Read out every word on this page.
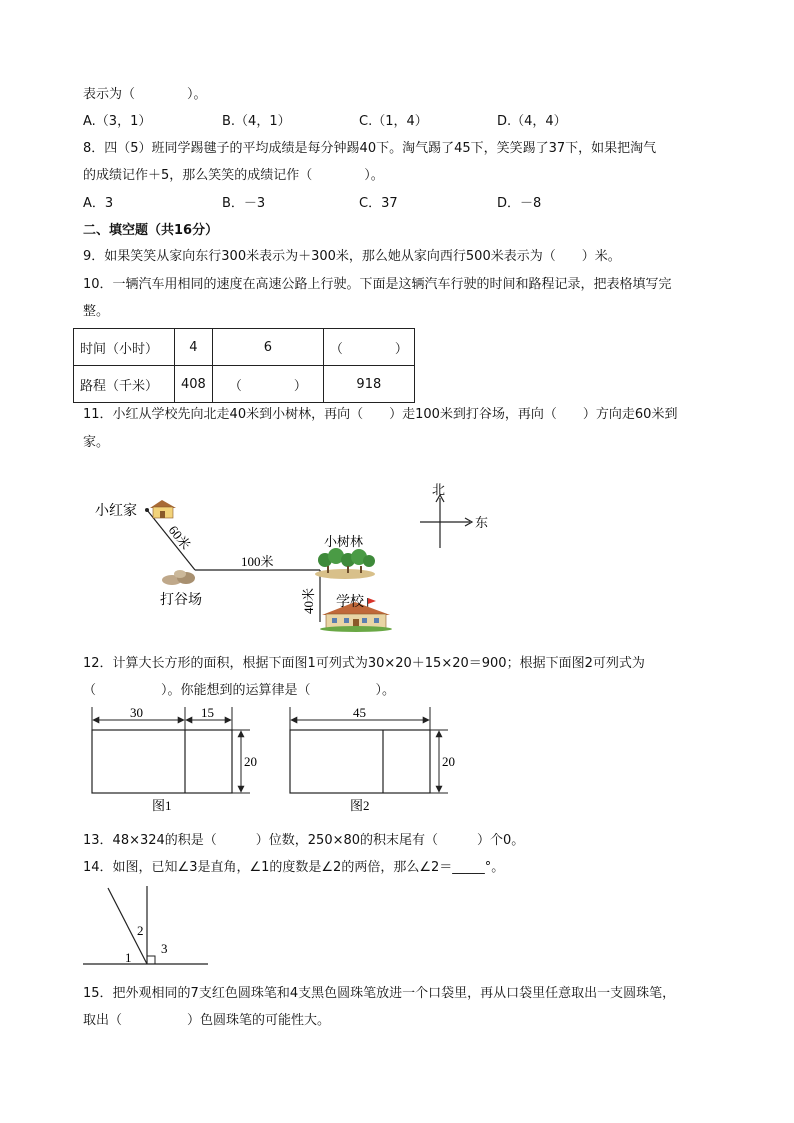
表示为（　　　　）。
A.（3，1）	B.（4，1）	C.（1，4）	D.（4，4）
8．四（5）班同学踢毽子的平均成绩是每分钟踢40下。淘气踢了45下，笑笑踢了37下，如果把淘气
的成绩记作＋5，那么笑笑的成绩记作（　　　　）。
A．3	B．－3	C．37	D．－8
二、填空题（共16分）
9．如果笑笑从家向东行300米表示为＋300米，那么她从家向西行500米表示为（　　）米。
10．一辆汽车用相同的速度在高速公路上行驶。下面是这辆汽车行驶的时间和路程记录，把表格填写完
整。
时间（小时）	4	6	（　　　　）
路程（千米）	408	（　　　　）	918
11．小红从学校先向北走40米到小树林，再向（　　）走100米到打谷场，再向（　　）方向走60米到
家。
小红家
60米
100米
打谷场
小树林
40米 学校
北
东
12．计算大长方形的面积，根据下面图1可列式为30×20＋15×20＝900；根据下面图2可列式为
（　　　　　）。你能想到的运算律是（　　　　　）。
30	15
20
图1
45
20
图2
13．48×324的积是（　　　）位数，250×80的积末尾有（　　　）个0。
14．如图，已知∠3是直角，∠1的度数是∠2的两倍，那么∠2＝_____°。
1
2
3
15．把外观相同的7支红色圆珠笔和4支黑色圆珠笔放进一个口袋里，再从口袋里任意取出一支圆珠笔，
取出（　　　　　）色圆珠笔的可能性大。
